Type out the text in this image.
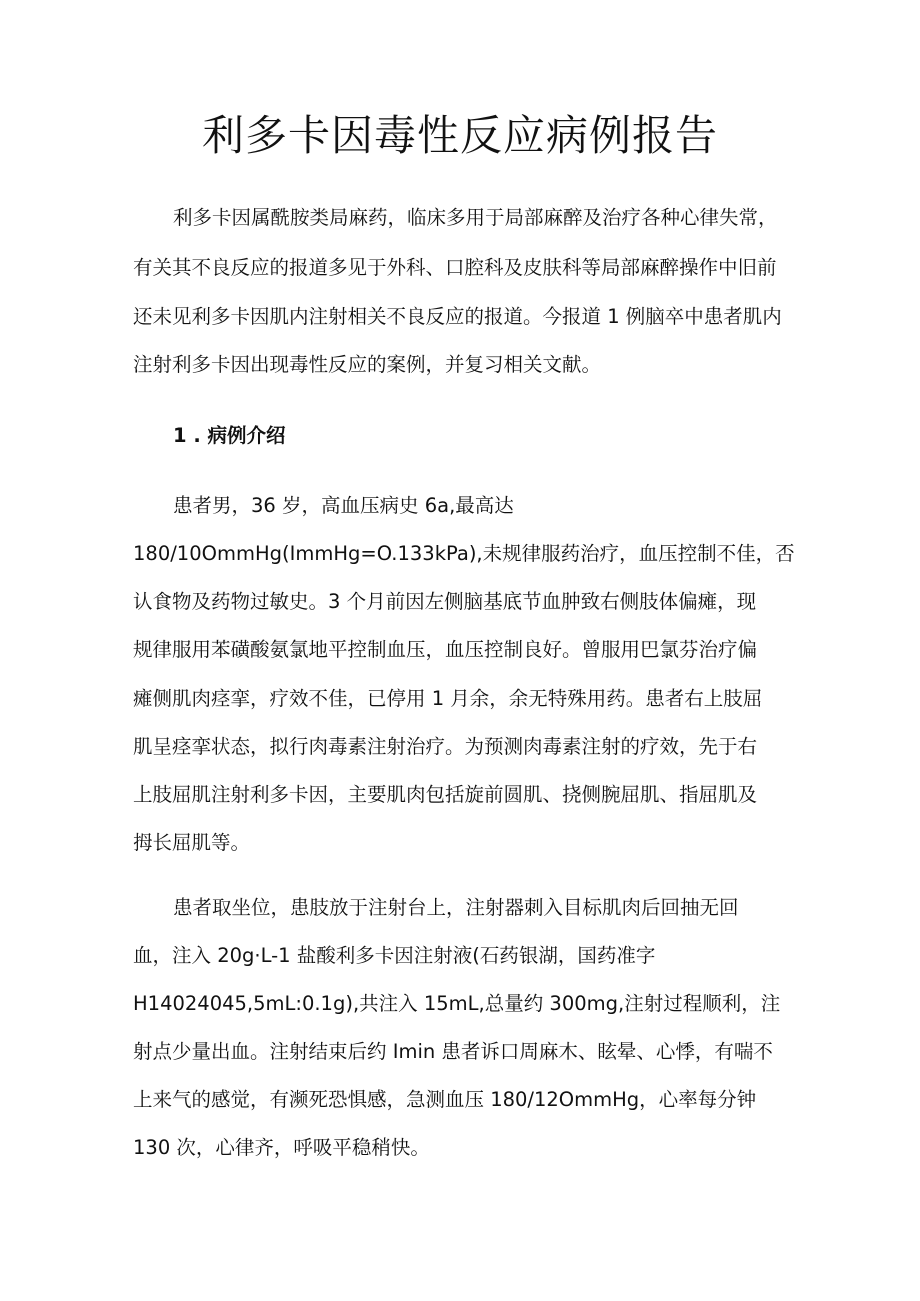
利多卡因毒性反应病例报告
利多卡因属酰胺类局麻药，临床多用于局部麻醉及治疗各种心律失常，
有关其不良反应的报道多见于外科、口腔科及皮肤科等局部麻醉操作中旧前
还未见利多卡因肌内注射相关不良反应的报道。今报道 1 例脑卒中患者肌内
注射利多卡因出现毒性反应的案例，并复习相关文献。
1 . 病例介绍
患者男，36 岁，高血压病史 6a,最高达
180/10OmmHg(ImmHg=O.133kPa),未规律服药治疗，血压控制不佳，否
认食物及药物过敏史。3 个月前因左侧脑基底节血肿致右侧肢体偏瘫，现
规律服用苯磺酸氨氯地平控制血压，血压控制良好。曾服用巴氯芬治疗偏
瘫侧肌肉痉挛，疗效不佳，已停用 1 月余，余无特殊用药。患者右上肢屈
肌呈痉挛状态，拟行肉毒素注射治疗。为预测肉毒素注射的疗效，先于右
上肢屈肌注射利多卡因，主要肌肉包括旋前圆肌、挠侧腕屈肌、指屈肌及
拇长屈肌等。
患者取坐位，患肢放于注射台上，注射器刺入目标肌肉后回抽无回
血，注入 20g·L-1 盐酸利多卡因注射液(石药银湖，国药准字
H14024045,5mL:0.1g),共注入 15mL,总量约 300mg,注射过程顺利，注
射点少量出血。注射结束后约 Imin 患者诉口周麻木、眩晕、心悸，有喘不
上来气的感觉，有濒死恐惧感，急测血压 180/12OmmHg，心率每分钟
130 次，心律齐，呼吸平稳稍快。
